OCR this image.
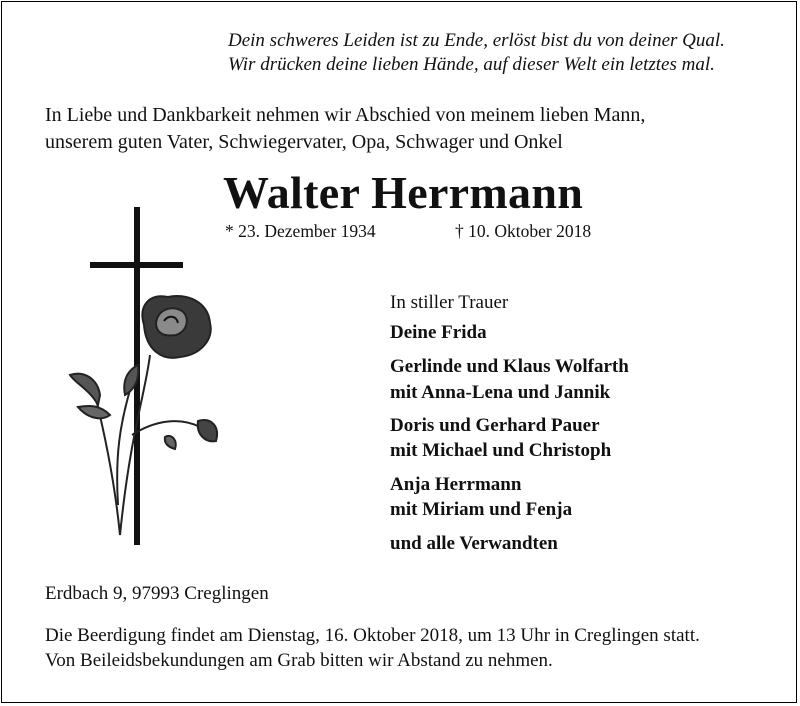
Dein schweres Leiden ist zu Ende, erlöst bist du von deiner Qual.
Wir drücken deine lieben Hände, auf dieser Welt ein letztes mal.
In Liebe und Dankbarkeit nehmen wir Abschied von meinem lieben Mann,
unserem guten Vater, Schwiegervater, Opa, Schwager und Onkel
Walter Herrmann
* 23. Dezember 1934	† 10. Oktober 2018
In stiller Trauer
Deine Frida
Gerlinde und Klaus Wolfarth
mit Anna-Lena und Jannik
Doris und Gerhard Pauer
mit Michael und Christoph
Anja Herrmann
mit Miriam und Fenja
und alle Verwandten
Erdbach 9, 97993 Creglingen
Die Beerdigung findet am Dienstag, 16. Oktober 2018, um 13 Uhr in Creglingen statt.
Von Beileidsbekundungen am Grab bitten wir Abstand zu nehmen.
